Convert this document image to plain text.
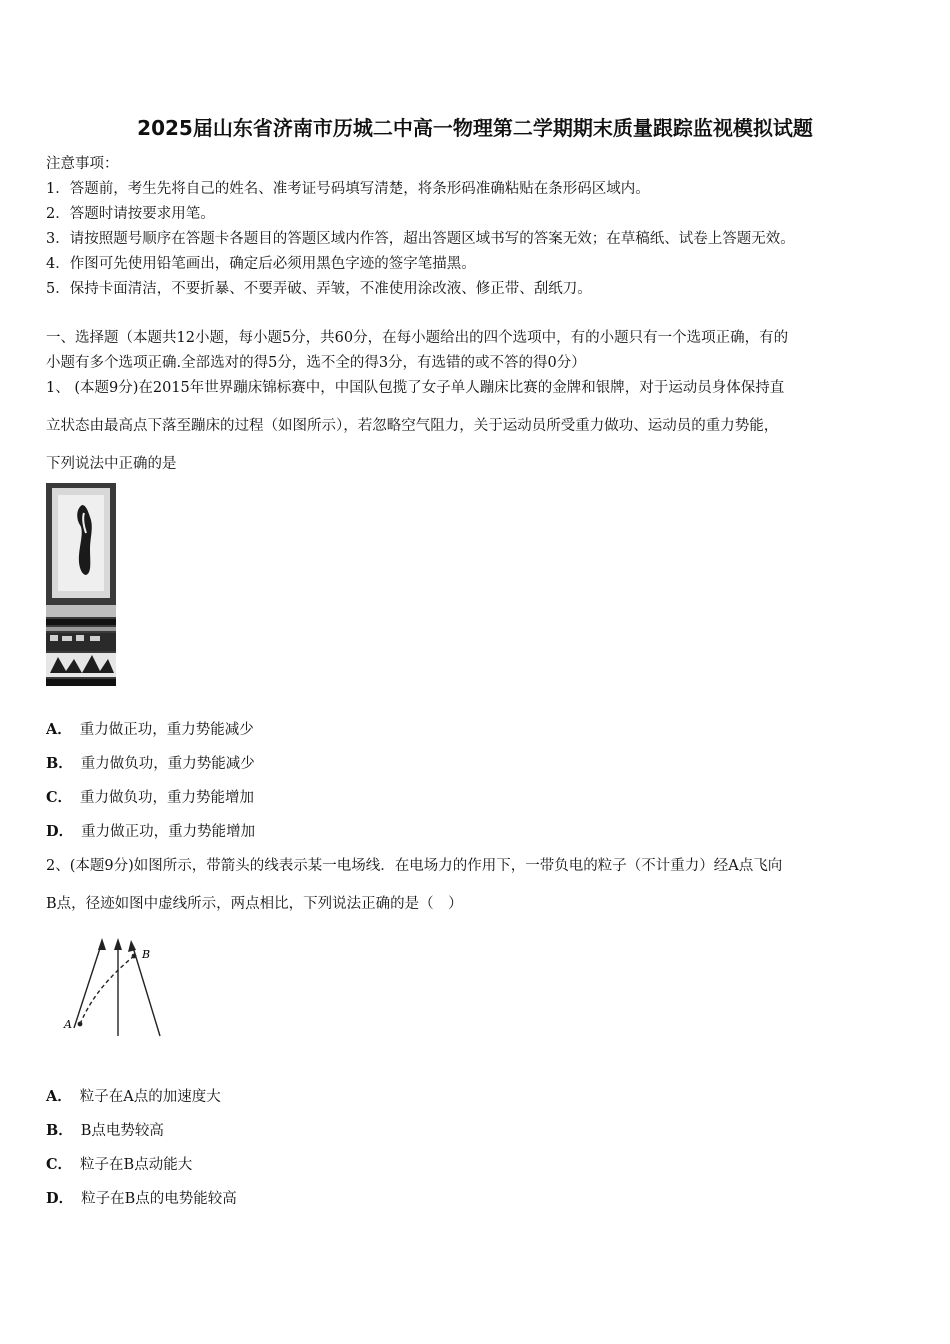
2025届山东省济南市历城二中高一物理第二学期期末质量跟踪监视模拟试题
注意事项：
1．答题前，考生先将自己的姓名、准考证号码填写清楚，将条形码准确粘贴在条形码区域内。
2．答题时请按要求用笔。
3．请按照题号顺序在答题卡各题目的答题区域内作答，超出答题区域书写的答案无效；在草稿纸、试卷上答题无效。
4．作图可先使用铅笔画出，确定后必须用黑色字迹的签字笔描黑。
5．保持卡面清洁，不要折暴、不要弄破、弄皱，不准使用涂改液、修正带、刮纸刀。
一、选择题（本题共12小题，每小题5分，共60分，在每小题给出的四个选项中，有的小题只有一个选项正确，有的
小题有多个选项正确.全部选对的得5分，选不全的得3分，有选错的或不答的得0分）
1、 (本题9分)在2015年世界蹦床锦标赛中，中国队包揽了女子单人蹦床比赛的金牌和银牌，对于运动员身体保持直
立状态由最高点下落至蹦床的过程（如图所示），若忽略空气阻力，关于运动员所受重力做功、运动员的重力势能，
下列说法中正确的是
A． 重力做正功，重力势能减少
B． 重力做负功，重力势能减少
C． 重力做负功，重力势能增加
D． 重力做正功，重力势能增加
2、(本题9分)如图所示，带箭头的线表示某一电场线．在电场力的作用下，一带负电的粒子（不计重力）经A点飞向
B点，径迹如图中虚线所示，两点相比，下列说法正确的是（　）
A
B
A． 粒子在A点的加速度大
B． B点电势较高
C． 粒子在B点动能大
D． 粒子在B点的电势能较高
